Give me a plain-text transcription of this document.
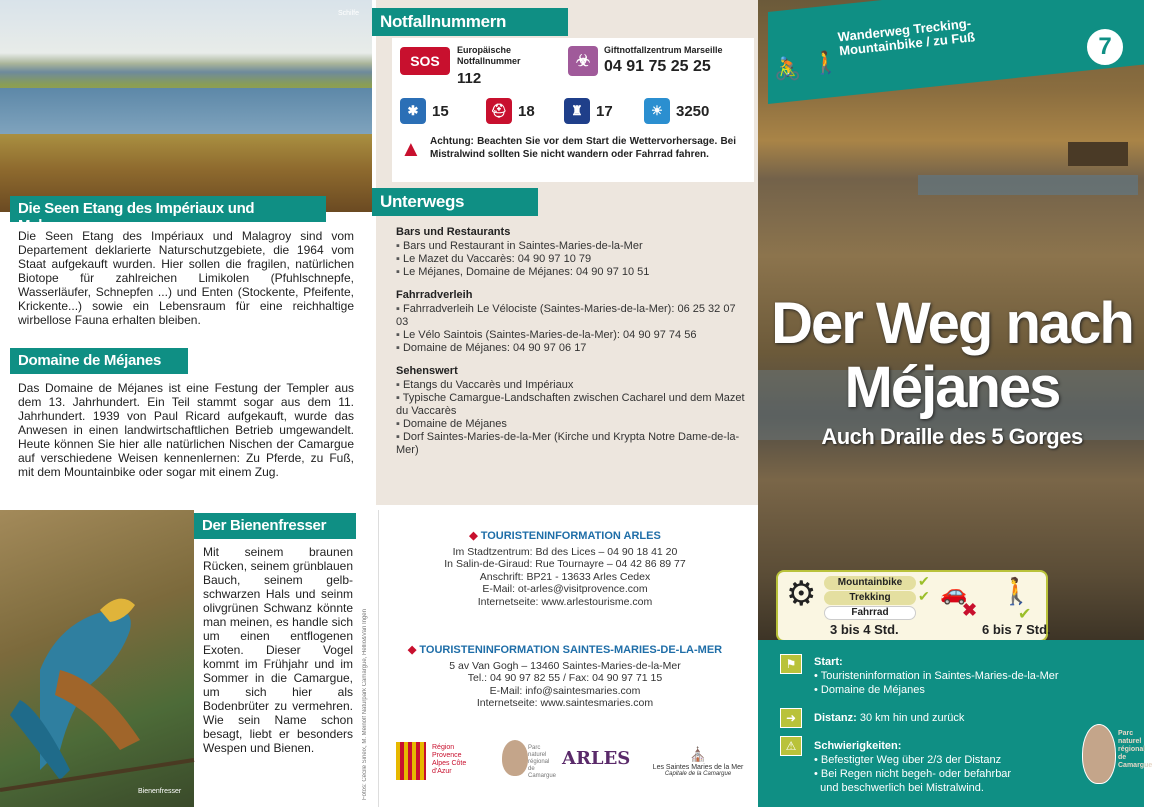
Schilfe
Die Seen Etang des Impériaux und Malagroy
Die Seen Etang des Impériaux und Malagroy sind vom Departement deklarierte Naturschutzgebiete, die 1964 vom Staat aufgekauft wurden. Hier sollen die fragilen, natürlichen Biotope für zahlreichen Limikolen (Pfuhlschnepfe, Wasserläufer, Schnepfen ...) und Enten (Stockente, Pfeifente, Krickente...) sowie ein Lebensraum für eine reichhaltige wirbellose Fauna erhalten bleiben.
Domaine de Méjanes
Das Domaine de Méjanes ist eine Festung der Templer aus dem 13. Jahrhundert. Ein Teil stammt sogar aus dem 11. Jahrhundert. 1939 von Paul Ricard aufgekauft, wurde das Anwesen in einen landwirtschaftlichen Betrieb umgewandelt. Heute können Sie hier alle natürlichen Nischen der Camargue auf verschiedene Weisen kennenlernen: Zu Pferde, zu Fuß, mit dem Mountainbike oder sogar mit einem Zug.
Bienenfresser
Der Bienenfresser
Mit seinem braunen Rücken, seinem grünblauen Bauch, seinem gelb-schwarzen Hals und seinm olivgrünen Schwanz könnte man meinen, es handle sich um einen entflogenen Exoten. Dieser Vogel kommt im Frühjahr und im Sommer in die Camargue, um sich hier als Bodenbrüter zu vermehren. Wie sein Name schon besagt, liebt er besonders Wespen und Bienen.	Fotos: Cécile Sirieix, M. Meinolf Naturpark Camargue, Hellio&Van Ingen
Notfallnummern
SOS
Europäische Notfallnummer
112
☣
Giftnotfallzentrum Marseille
04 91 75 25 25
✱ 15	⛑ 18	♜ 17	☀ 3250
▲ Achtung: Beachten Sie vor dem Start die Wettervorhersage. Bei Mistralwind sollten Sie nicht wandern oder Fahrrad fahren.
Unterwegs
Bars und Restaurants
▪ Bars und Restaurant in Saintes-Maries-de-la-Mer
▪ Le Mazet du Vaccarès: 04 90 97 10 79
▪ Le Méjanes, Domaine de Méjanes: 04 90 97 10 51
Fahrradverleih
▪ Fahrradverleih Le Vélociste (Saintes-Maries-de-la-Mer): 06 25 32 07 03
▪ Le Vélo Saintois (Saintes-Maries-de-la-Mer): 04 90 97 74 56
▪ Domaine de Méjanes: 04 90 97 06 17
Sehenswert
▪ Etangs du Vaccarès und Impériaux
▪ Typische Camargue-Landschaften zwischen Cacharel und dem Mazet du Vaccarès
▪ Domaine de Méjanes
▪ Dorf Saintes-Maries-de-la-Mer (Kirche und Krypta Notre Dame-de-la-Mer)
◆ TOURISTENINFORMATION ARLES
Im Stadtzentrum: Bd des Lices – 04 90 18 41 20
In Salin-de-Giraud: Rue Tournayre – 04 42 86 89 77
Anschrift: BP21 - 13633 Arles Cedex
E-Mail: ot-arles@visitprovence.com
Internetseite: www.arlestourisme.com
◆ TOURISTENINFORMATION SAINTES-MARIES-DE-LA-MER
5 av Van Gogh – 13460 Saintes-Maries-de-la-Mer
Tel.: 04 90 97 82 55 / Fax: 04 90 97 71 15
E-Mail: info@saintesmaries.com
Internetseite: www.saintesmaries.com
Région Provence Alpes Côte d'Azur
Parc naturel régional de Camargue
ARLES	⛪
Les Saintes Maries de la Mer
Capitale de la Camargue
🚴 🚶
Wanderweg Trecking-Mountainbike / zu Fuß	7
Der Weg nach
Méjanes
Auch Draille des 5 Gorges
⚙	Mountainbike
Trekking
Fahrrad
✔
✔
3 bis 4 Std.
🚗
✖
🚶
✔
6 bis 7 Std.
⚑	Start:
• Touristeninformation in Saintes-Maries-de-la-Mer
• Domaine de Méjanes
➜	Distanz: 30 km hin und zurück
⚠	Schwierigkeiten:
• Befestigter Weg über 2/3 der Distanz
• Bei Regen nicht begeh- oder befahrbar
und beschwerlich bei Mistralwind.
Parc naturel régional de Camargue
